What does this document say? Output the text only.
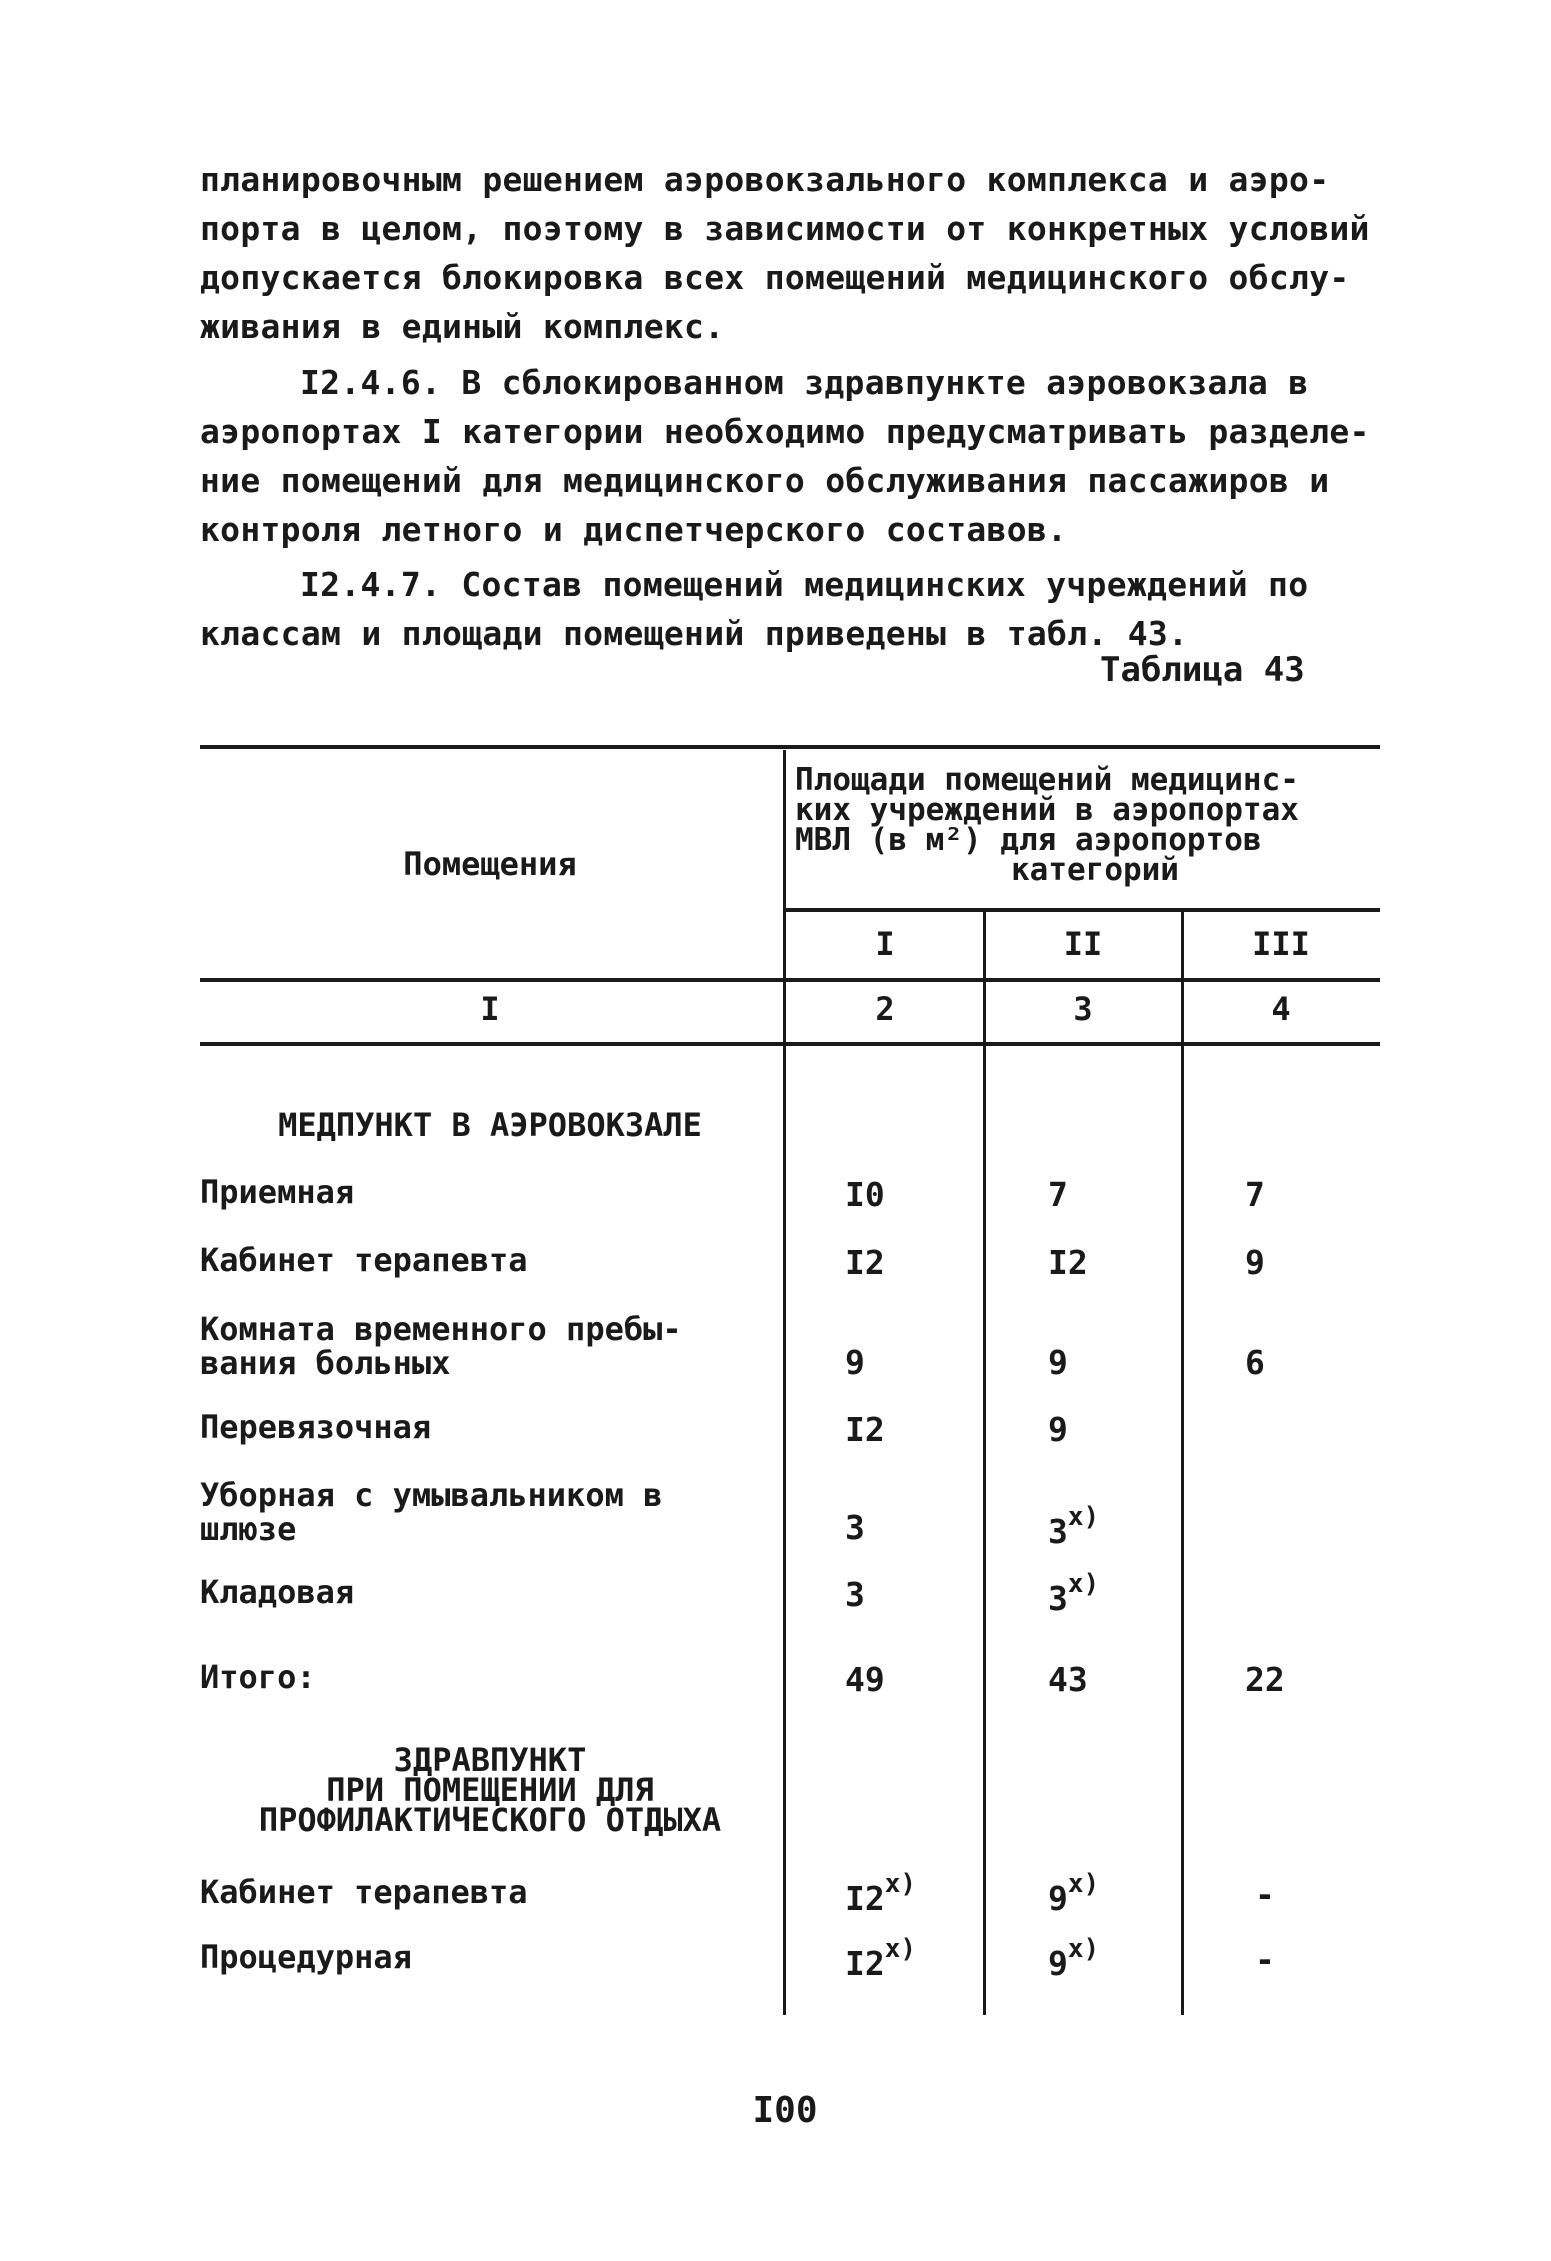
планировочным решением аэровокзального комплекса и аэро-
порта в целом, поэтому в зависимости от конкретных условий
допускается блокировка всех помещений медицинского обслу-
живания в единый комплекс.
I2.4.6. В сблокированном здравпункте аэровокзала в
аэропортах I категории необходимо предусматривать разделе-
ние помещений для медицинского обслуживания пассажиров и
контроля летного и диспетчерского составов.
I2.4.7. Состав помещений медицинских учреждений по
классам и площади помещений приведены в табл. 43.
Таблица 43
Помещения
Площади помещений медицинс-
ких учреждений в аэропортах
МВЛ (в м²) для аэропортов
категорий
I	II	III
I	2	3	4
МЕДПУНКТ В АЭРОВОКЗАЛЕ
Приемная	I0	7	7
Кабинет терапевта	I2	I2	9
Комната временного пребы-
вания больных	9	9	6
Перевязочная	I2	9
Уборная с умывальником в
шлюзе	3	3$^{x)}$
Кладовая	3	3$^{x)}$
Итого:	49	43	22
ЗДРАВПУНКТ
ПРИ ПОМЕЩЕНИИ ДЛЯ
ПРОФИЛАКТИЧЕСКОГО ОТДЫХА
Кабинет терапевта	I2$^{x)}$	9$^{x)}$	-
Процедурная	I2$^{x)}$	9$^{x)}$	-
I00
